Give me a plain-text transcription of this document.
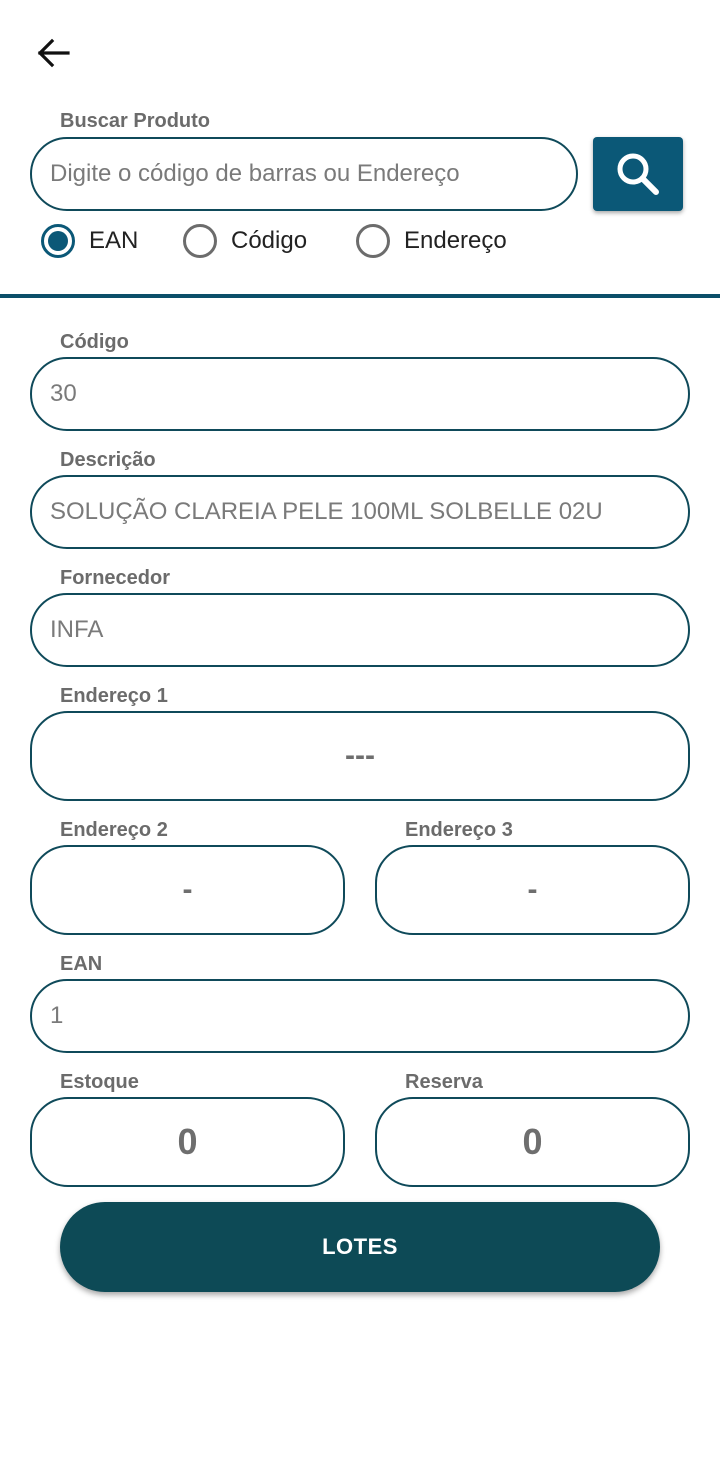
Buscar Produto
Digite o código de barras ou Endereço
EAN	Código	Endereço
Código
30
Descrição
SOLUÇÃO CLAREIA PELE 100ML SOLBELLE 02U
Fornecedor
INFA
Endereço 1
---
Endereço 2
-
Endereço 3
-
EAN
1
Estoque
0
Reserva
0
LOTES
